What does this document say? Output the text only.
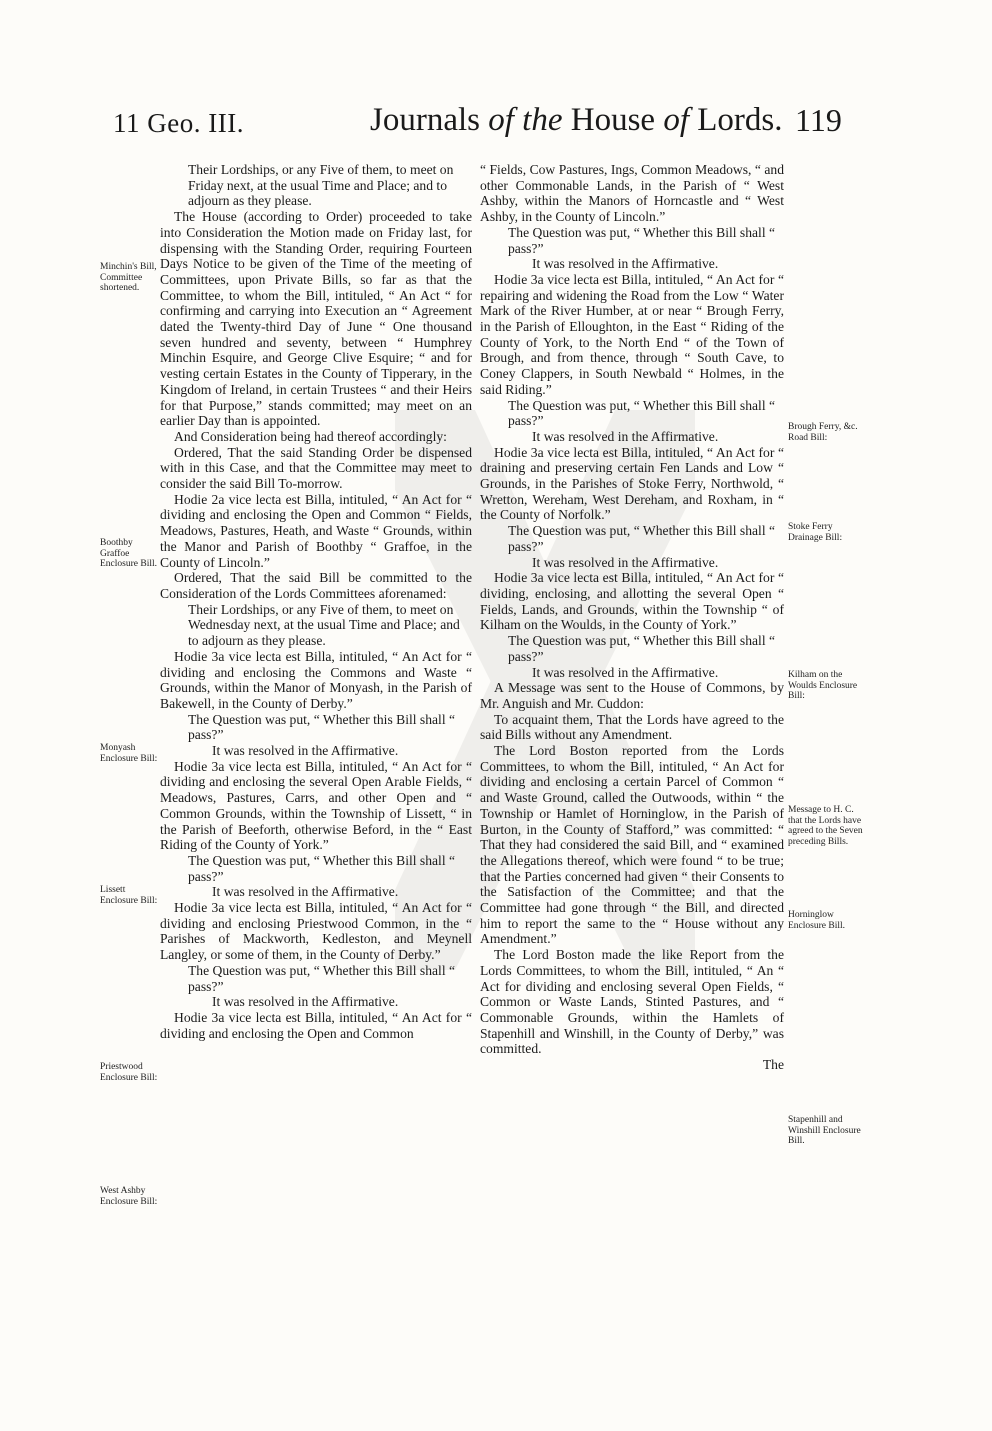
11 Geo. III.	Journals of the House of Lords. 119

Their Lordships, or any Five of them, to meet on Friday next, at the usual Time and Place; and to adjourn as they please.

The House (according to Order) proceeded to take into Consideration the Motion made on Friday last, for dispensing with the Standing Order, requiring Fourteen Days Notice to be given of the Time of the meeting of Committees, upon Private Bills, so far as that the Committee, to whom the Bill, intituled, “ An Act “ for confirming and carrying into Execution an “ Agreement dated the Twenty-third Day of June “ One thousand seven hundred and seventy, between “ Humphrey Minchin Esquire, and George Clive Esquire; “ and for vesting certain Estates in the County of Tipperary, in the Kingdom of Ireland, in certain Trustees “ and their Heirs for that Purpose,” stands committed; may meet on an earlier Day than is appointed.

And Consideration being had thereof accordingly:

Ordered, That the said Standing Order be dispensed with in this Case, and that the Committee may meet to consider the said Bill To-morrow.

Hodie 2a vice lecta est Billa, intituled, “ An Act for “ dividing and enclosing the Open and Common “ Fields, Meadows, Pastures, Heath, and Waste “ Grounds, within the Manor and Parish of Boothby “ Graffoe, in the County of Lincoln.”

Ordered, That the said Bill be committed to the Consideration of the Lords Committees aforenamed:

Their Lordships, or any Five of them, to meet on Wednesday next, at the usual Time and Place; and to adjourn as they please.

Hodie 3a vice lecta est Billa, intituled, “ An Act for “ dividing and enclosing the Commons and Waste “ Grounds, within the Manor of Monyash, in the Parish of Bakewell, in the County of Derby.”

The Question was put, “ Whether this Bill shall “ pass?”

It was resolved in the Affirmative.

Hodie 3a vice lecta est Billa, intituled, “ An Act for “ dividing and enclosing the several Open Arable Fields, “ Meadows, Pastures, Carrs, and other Open and “ Common Grounds, within the Township of Lissett, “ in the Parish of Beeforth, otherwise Beford, in the “ East Riding of the County of York.”

The Question was put, “ Whether this Bill shall “ pass?”

It was resolved in the Affirmative.

Hodie 3a vice lecta est Billa, intituled, “ An Act for “ dividing and enclosing Priestwood Common, in the “ Parishes of Mackworth, Kedleston, and Meynell Langley, or some of them, in the County of Derby.”

The Question was put, “ Whether this Bill shall “ pass?”

It was resolved in the Affirmative.

Hodie 3a vice lecta est Billa, intituled, “ An Act for “ dividing and enclosing the Open and Common

“ Fields, Cow Pastures, Ings, Common Meadows, “ and other Commonable Lands, in the Parish of “ West Ashby, within the Manors of Horncastle and “ West Ashby, in the County of Lincoln.”

The Question was put, “ Whether this Bill shall “ pass?”

It was resolved in the Affirmative.

Hodie 3a vice lecta est Billa, intituled, “ An Act for “ repairing and widening the Road from the Low “ Water Mark of the River Humber, at or near “ Brough Ferry, in the Parish of Elloughton, in the East “ Riding of the County of York, to the North End “ of the Town of Brough, and from thence, through “ South Cave, to Coney Clappers, in South Newbald “ Holmes, in the said Riding.”

The Question was put, “ Whether this Bill shall “ pass?”

It was resolved in the Affirmative.

Hodie 3a vice lecta est Billa, intituled, “ An Act for “ draining and preserving certain Fen Lands and Low “ Grounds, in the Parishes of Stoke Ferry, Northwold, “ Wretton, Wereham, West Dereham, and Roxham, in “ the County of Norfolk.”

The Question was put, “ Whether this Bill shall “ pass?”

It was resolved in the Affirmative.

Hodie 3a vice lecta est Billa, intituled, “ An Act for “ dividing, enclosing, and allotting the several Open “ Fields, Lands, and Grounds, within the Township “ of Kilham on the Woulds, in the County of York.”

The Question was put, “ Whether this Bill shall “ pass?”

It was resolved in the Affirmative.

A Message was sent to the House of Commons, by Mr. Anguish and Mr. Cuddon:

To acquaint them, That the Lords have agreed to the said Bills without any Amendment.

The Lord Boston reported from the Lords Committees, to whom the Bill, intituled, “ An Act for dividing and enclosing a certain Parcel of Common “ and Waste Ground, called the Outwoods, within “ the Township or Hamlet of Horninglow, in the Parish of Burton, in the County of Stafford,” was committed: “ That they had considered the said Bill, and “ examined the Allegations thereof, which were found “ to be true; that the Parties concerned had given “ their Consents to the Satisfaction of the Committee; and that the Committee had gone through “ the Bill, and directed him to report the same to the “ House without any Amendment.”

The Lord Boston made the like Report from the Lords Committees, to whom the Bill, intituled, “ An “ Act for dividing and enclosing several Open Fields, “ Common or Waste Lands, Stinted Pastures, and “ Commonable Grounds, within the Hamlets of Stapenhill and Winshill, in the County of Derby,” was committed.

The

Minchin's Bill, Committee shortened.
Boothby Graffoe Enclosure Bill.
Monyash Enclosure Bill:
Lissett Enclosure Bill:
Priestwood Enclosure Bill:
West Ashby Enclosure Bill:
Brough Ferry, &c. Road Bill:
Stoke Ferry Drainage Bill:
Kilham on the Woulds Enclosure Bill:
Message to H. C. that the Lords have agreed to the Seven preceding Bills.
Horninglow Enclosure Bill.
Stapenhill and Winshill Enclosure Bill.
